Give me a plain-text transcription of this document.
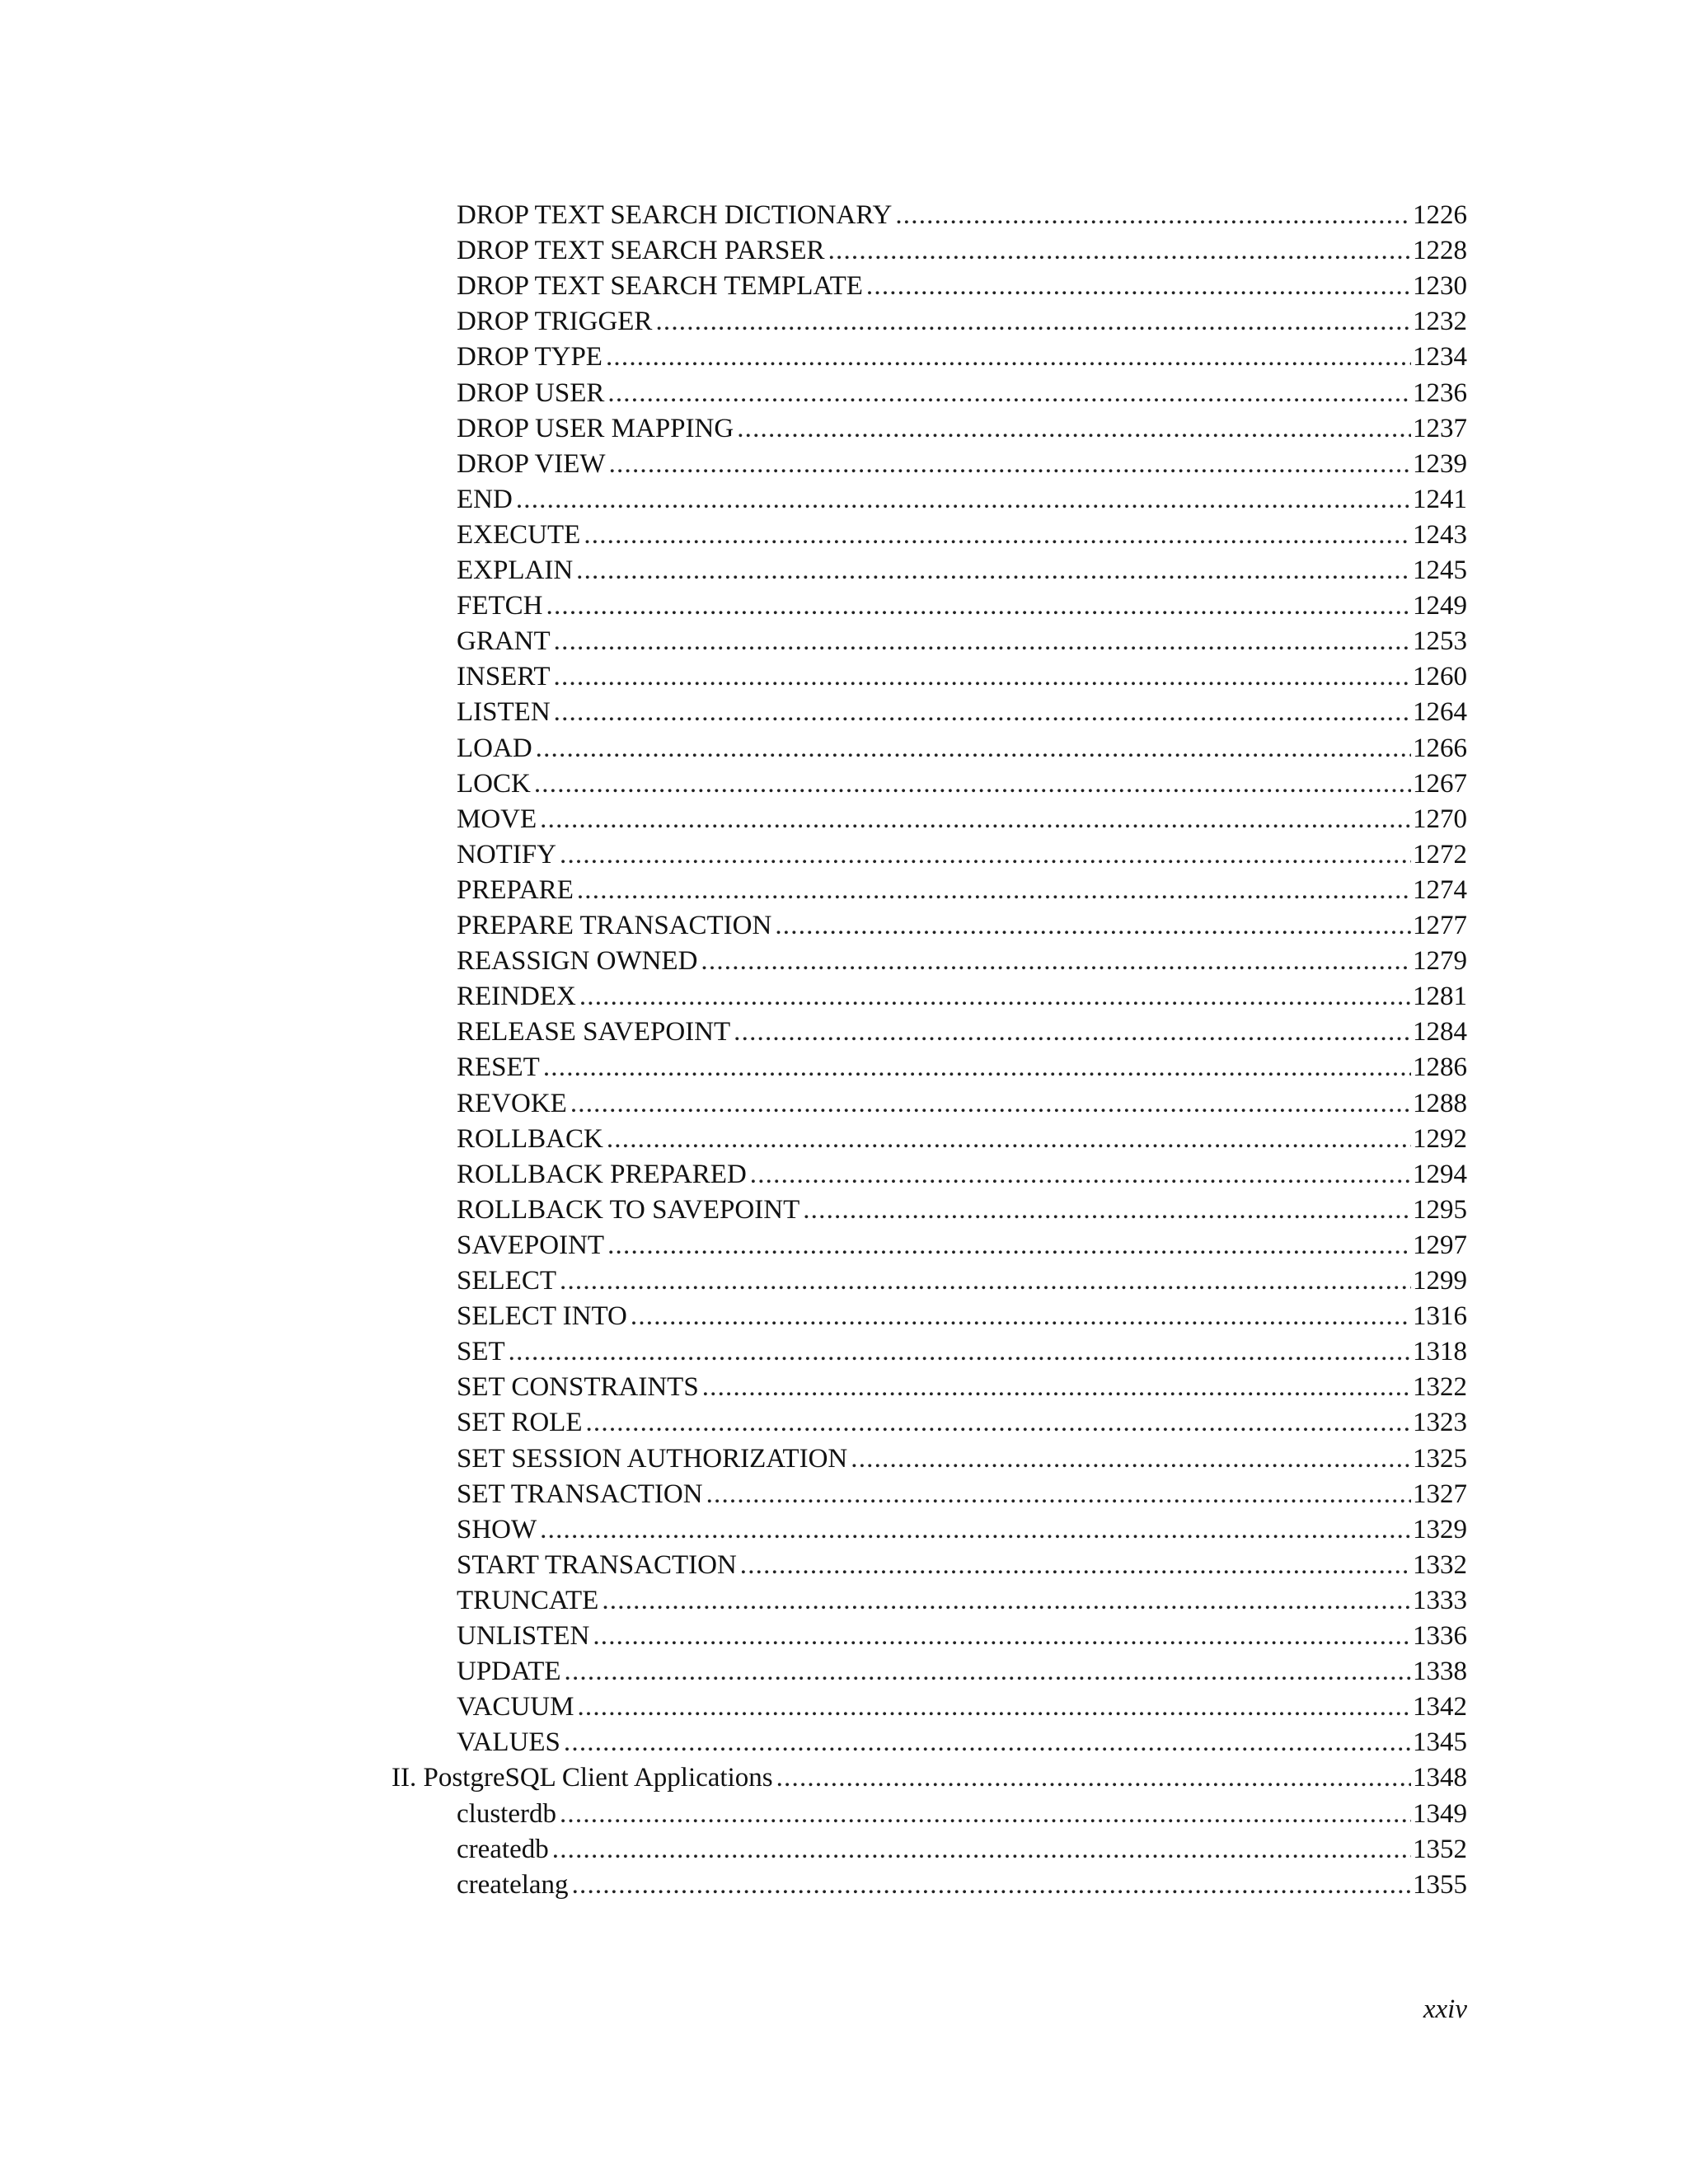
DROP TEXT SEARCH DICTIONARY .....	1226
DROP TEXT SEARCH PARSER .....	1228
DROP TEXT SEARCH TEMPLATE .....	1230
DROP TRIGGER .....	1232
DROP TYPE .....	1234
DROP USER .....	1236
DROP USER MAPPING .....	1237
DROP VIEW .....	1239
END .....	1241
EXECUTE .....	1243
EXPLAIN .....	1245
FETCH .....	1249
GRANT .....	1253
INSERT .....	1260
LISTEN .....	1264
LOAD .....	1266
LOCK .....	1267
MOVE .....	1270
NOTIFY .....	1272
PREPARE .....	1274
PREPARE TRANSACTION .....	1277
REASSIGN OWNED .....	1279
REINDEX .....	1281
RELEASE SAVEPOINT .....	1284
RESET .....	1286
REVOKE .....	1288
ROLLBACK .....	1292
ROLLBACK PREPARED .....	1294
ROLLBACK TO SAVEPOINT .....	1295
SAVEPOINT .....	1297
SELECT .....	1299
SELECT INTO .....	1316
SET .....	1318
SET CONSTRAINTS .....	1322
SET ROLE .....	1323
SET SESSION AUTHORIZATION .....	1325
SET TRANSACTION .....	1327
SHOW .....	1329
START TRANSACTION .....	1332
TRUNCATE .....	1333
UNLISTEN .....	1336
UPDATE .....	1338
VACUUM .....	1342
VALUES .....	1345
II. PostgreSQL Client Applications .....	1348
clusterdb .....	1349
createdb .....	1352
createlang .....	1355
xxiv
